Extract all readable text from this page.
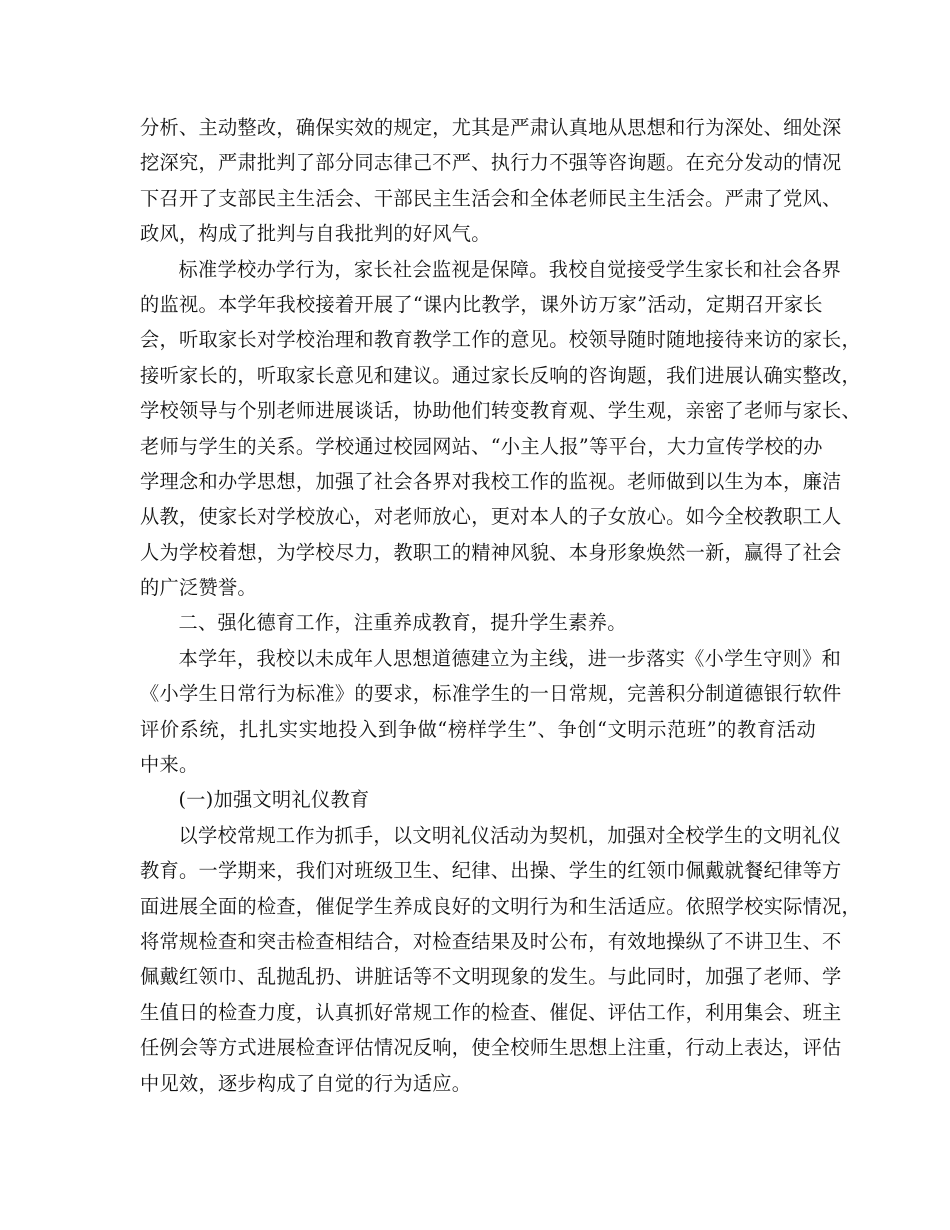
分析、主动整改，确保实效的规定，尤其是严肃认真地从思想和行为深处、细处深
挖深究，严肃批判了部分同志律己不严、执行力不强等咨询题。在充分发动的情况
下召开了支部民主生活会、干部民主生活会和全体老师民主生活会。严肃了党风、
政风，构成了批判与自我批判的好风气。
标准学校办学行为，家长社会监视是保障。我校自觉接受学生家长和社会各界
的监视。本学年我校接着开展了“课内比教学，课外访万家”活动，定期召开家长
会，听取家长对学校治理和教育教学工作的意见。校领导随时随地接待来访的家长，
接听家长的，听取家长意见和建议。通过家长反响的咨询题，我们进展认确实整改，
学校领导与个别老师进展谈话，协助他们转变教育观、学生观，亲密了老师与家长、
老师与学生的关系。学校通过校园网站、“小主人报”等平台，大力宣传学校的办
学理念和办学思想，加强了社会各界对我校工作的监视。老师做到以生为本，廉洁
从教，使家长对学校放心，对老师放心，更对本人的子女放心。如今全校教职工人
人为学校着想，为学校尽力，教职工的精神风貌、本身形象焕然一新，赢得了社会
的广泛赞誉。
二、强化德育工作，注重养成教育，提升学生素养。
本学年，我校以未成年人思想道德建立为主线，进一步落实《小学生守则》和
《小学生日常行为标准》的要求，标准学生的一日常规，完善积分制道德银行软件
评价系统，扎扎实实地投入到争做“榜样学生”、争创“文明示范班”的教育活动
中来。
(一)加强文明礼仪教育
以学校常规工作为抓手，以文明礼仪活动为契机，加强对全校学生的文明礼仪
教育。一学期来，我们对班级卫生、纪律、出操、学生的红领巾佩戴就餐纪律等方
面进展全面的检查，催促学生养成良好的文明行为和生活适应。依照学校实际情况，
将常规检查和突击检查相结合，对检查结果及时公布，有效地操纵了不讲卫生、不
佩戴红领巾、乱抛乱扔、讲脏话等不文明现象的发生。与此同时，加强了老师、学
生值日的检查力度，认真抓好常规工作的检查、催促、评估工作，利用集会、班主
任例会等方式进展检查评估情况反响，使全校师生思想上注重，行动上表达，评估
中见效，逐步构成了自觉的行为适应。
